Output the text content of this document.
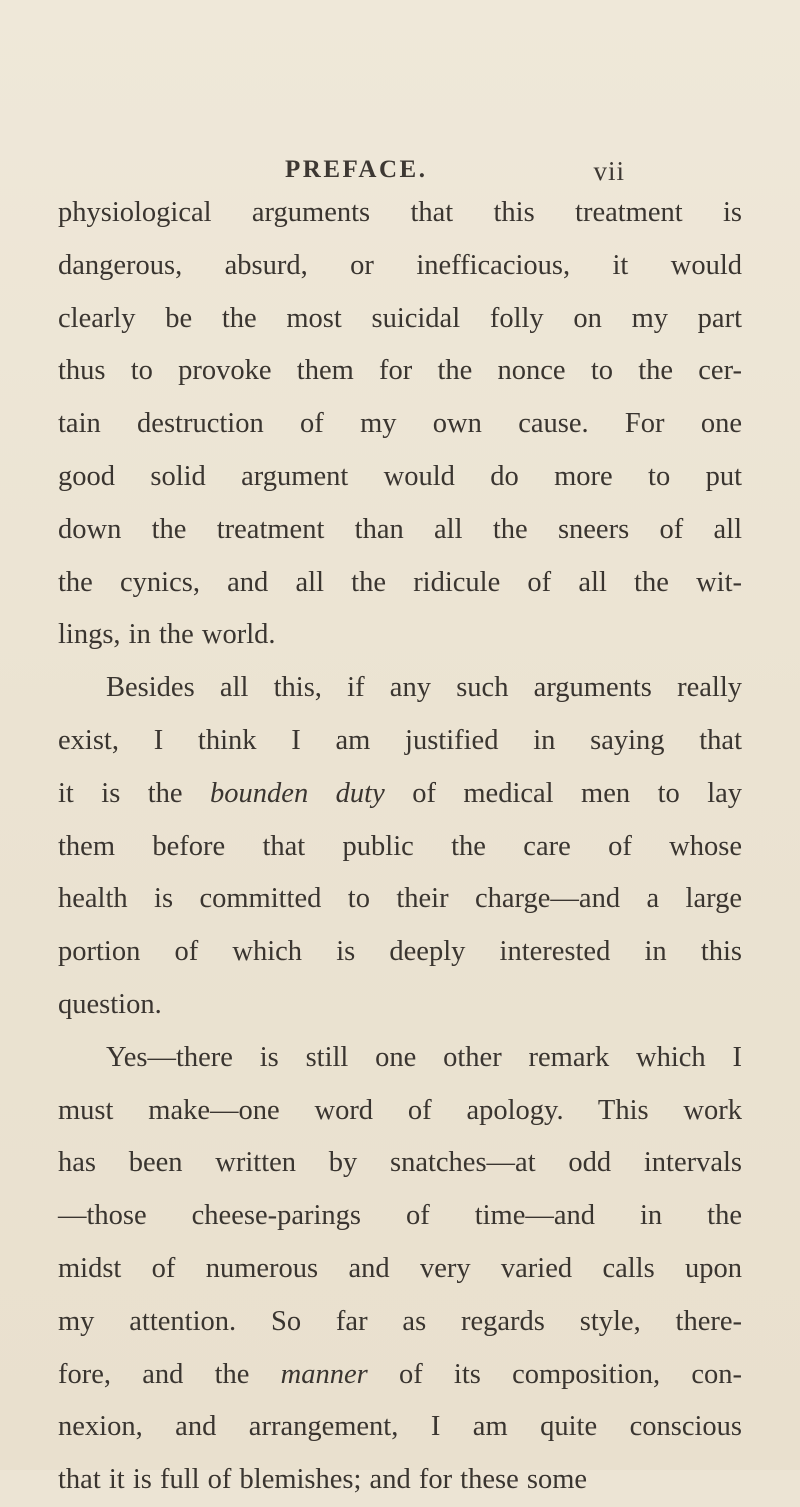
PREFACE.	vii
physiological arguments that this treatment is
dangerous, absurd, or inefficacious, it would
clearly be the most suicidal folly on my part
thus to provoke them for the nonce to the cer-
tain destruction of my own cause. For one
good solid argument would do more to put
down the treatment than all the sneers of all
the cynics, and all the ridicule of all the wit-
lings, in the world.
Besides all this, if any such arguments really
exist, I think I am justified in saying that
it is the bounden duty of medical men to lay
them before that public the care of whose
health is committed to their charge—and a large
portion of which is deeply interested in this
question.
Yes—there is still one other remark which I
must make—one word of apology. This work
has been written by snatches—at odd intervals
—those cheese-parings of time—and in the
midst of numerous and very varied calls upon
my attention. So far as regards style, there-
fore, and the manner of its composition, con-
nexion, and arrangement, I am quite conscious
that it is full of blemishes; and for these some
